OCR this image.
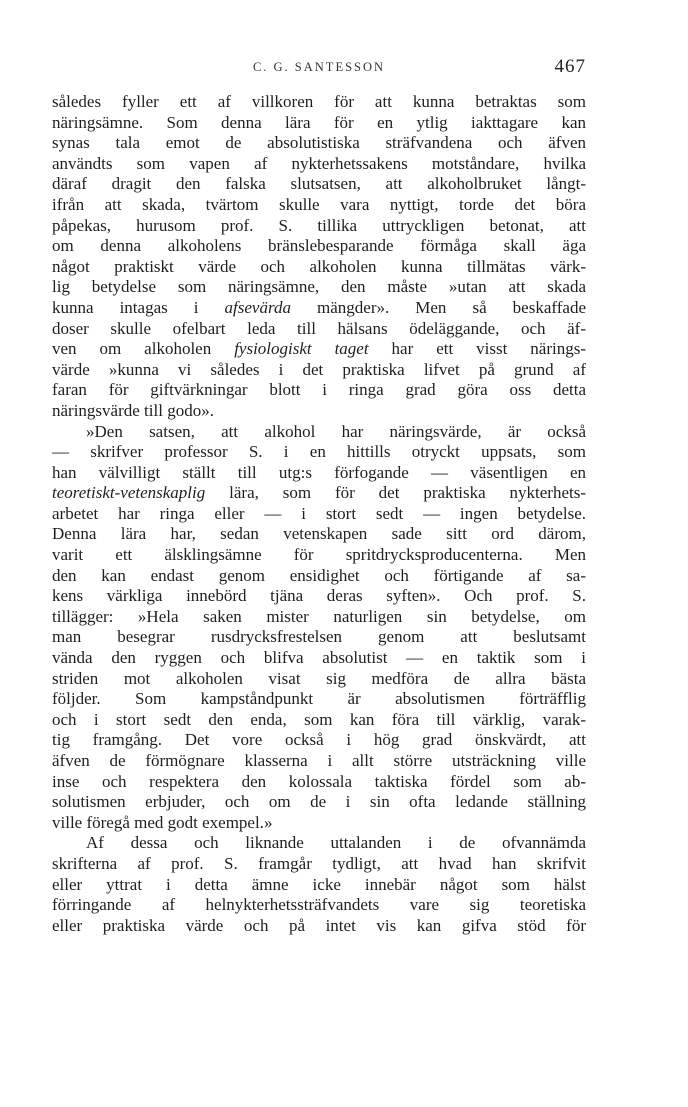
C. G. SANTESSON	467
således fyller ett af villkoren för att kunna betraktas som
näringsämne. Som denna lära för en ytlig iakttagare kan
synas tala emot de absolutistiska sträfvandena och äfven
användts som vapen af nykterhetssakens motståndare, hvilka
däraf dragit den falska slutsatsen, att alkoholbruket långt-
ifrån att skada, tvärtom skulle vara nyttigt, torde det böra
påpekas, hurusom prof. S. tillika uttryckligen betonat, att
om denna alkoholens bränslebesparande förmåga skall äga
något praktiskt värde och alkoholen kunna tillmätas värk-
lig betydelse som näringsämne, den måste »utan att skada
kunna intagas i afsevärda mängder». Men så beskaffade
doser skulle ofelbart leda till hälsans ödeläggande, och äf-
ven om alkoholen fysiologiskt taget har ett visst närings-
värde »kunna vi således i det praktiska lifvet på grund af
faran för giftvärkningar blott i ringa grad göra oss detta
näringsvärde till godo».
»Den satsen, att alkohol har näringsvärde, är också
— skrifver professor S. i en hittills otryckt uppsats, som
han välvilligt ställt till utg:s förfogande — väsentligen en
teoretiskt-vetenskaplig lära, som för det praktiska nykterhets-
arbetet har ringa eller — i stort sedt — ingen betydelse.
Denna lära har, sedan vetenskapen sade sitt ord därom,
varit ett älsklingsämne för spritdrycksproducenterna. Men
den kan endast genom ensidighet och förtigande af sa-
kens värkliga innebörd tjäna deras syften». Och prof. S.
tillägger: »Hela saken mister naturligen sin betydelse, om
man besegrar rusdrycksfrestelsen genom att beslutsamt
vända den ryggen och blifva absolutist — en taktik som i
striden mot alkoholen visat sig medföra de allra bästa
följder. Som kampståndpunkt är absolutismen förträfflig
och i stort sedt den enda, som kan föra till värklig, varak-
tig framgång. Det vore också i hög grad önskvärdt, att
äfven de förmögnare klasserna i allt större utsträckning ville
inse och respektera den kolossala taktiska fördel som ab-
solutismen erbjuder, och om de i sin ofta ledande ställning
ville föregå med godt exempel.»
Af dessa och liknande uttalanden i de ofvannämda
skrifterna af prof. S. framgår tydligt, att hvad han skrifvit
eller yttrat i detta ämne icke innebär något som hälst
förringande af helnykterhetssträfvandets vare sig teoretiska
eller praktiska värde och på intet vis kan gifva stöd för
